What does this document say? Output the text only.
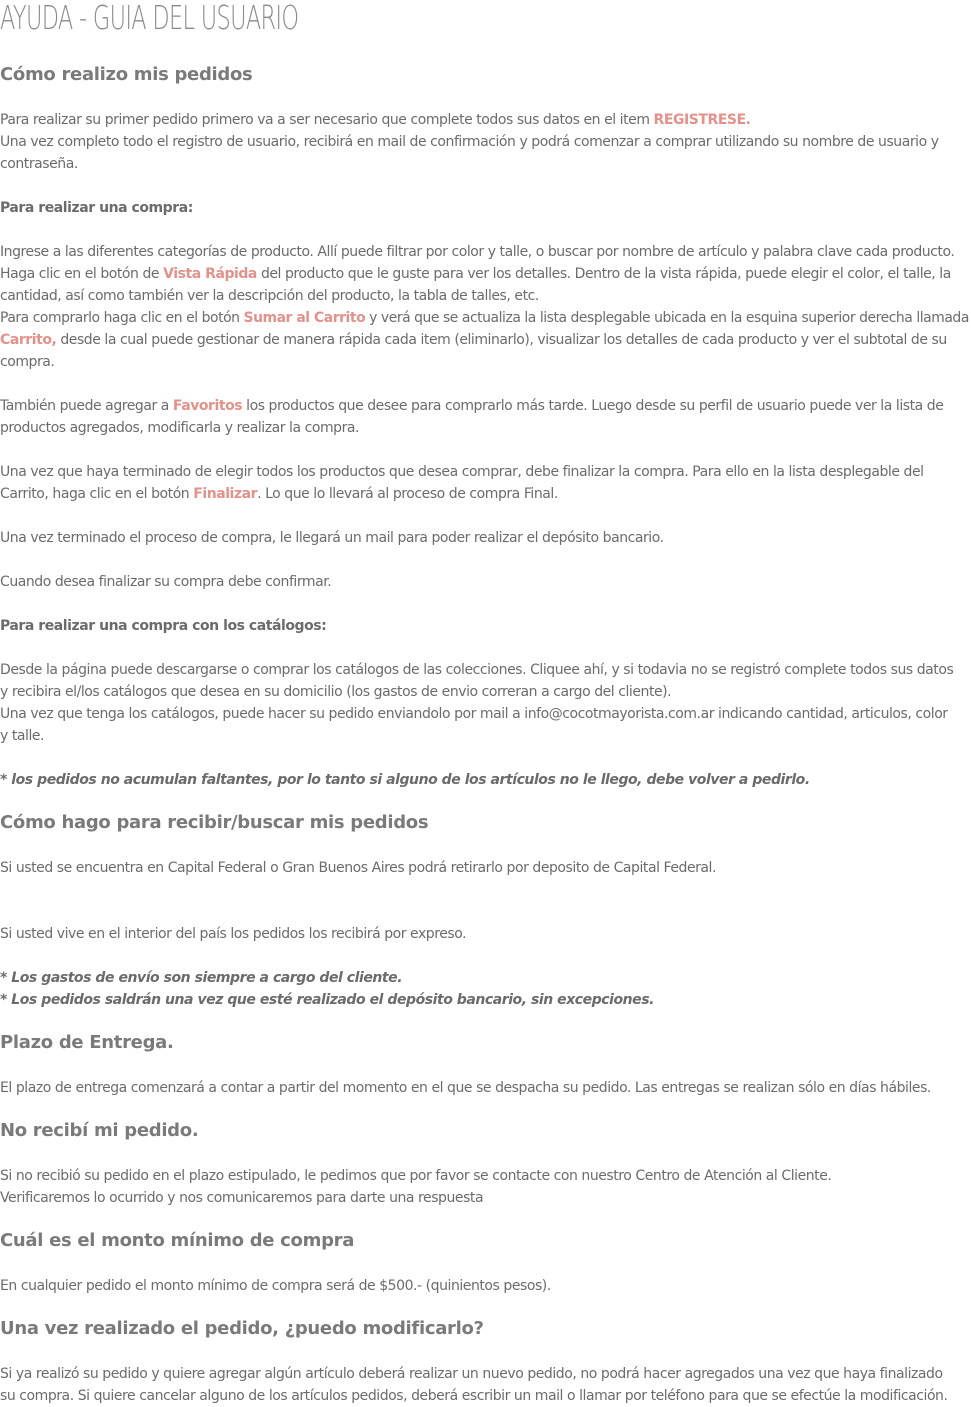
AYUDA - GUIA DEL USUARIO
Cómo realizo mis pedidos

Para realizar su primer pedido primero va a ser necesario que complete todos sus datos en el item REGISTRESE.

Una vez completo todo el registro de usuario, recibirá en mail de confirmación y podrá comenzar a comprar utilizando su nombre de usuario y

contraseña.

Para realizar una compra:

Ingrese a las diferentes categorías de producto. Allí puede filtrar por color y talle, o buscar por nombre de artículo y palabra clave cada producto.

Haga clic en el botón de Vista Rápida del producto que le guste para ver los detalles. Dentro de la vista rápida, puede elegir el color, el talle, la

cantidad, así como también ver la descripción del producto, la tabla de talles, etc.

Para comprarlo haga clic en el botón Sumar al Carrito y verá que se actualiza la lista desplegable ubicada en la esquina superior derecha llamada

Carrito, desde la cual puede gestionar de manera rápida cada item (eliminarlo), visualizar los detalles de cada producto y ver el subtotal de su

compra.

También puede agregar a Favoritos los productos que desee para comprarlo más tarde. Luego desde su perfil de usuario puede ver la lista de

productos agregados, modificarla y realizar la compra.

Una vez que haya terminado de elegir todos los productos que desea comprar, debe finalizar la compra. Para ello en la lista desplegable del

Carrito, haga clic en el botón Finalizar. Lo que lo llevará al proceso de compra Final.

Una vez terminado el proceso de compra, le llegará un mail para poder realizar el depósito bancario.

Cuando desea finalizar su compra debe confirmar.

Para realizar una compra con los catálogos:

Desde la página puede descargarse o comprar los catálogos de las colecciones. Cliquee ahí, y si todavia no se registró complete todos sus datos

y recibira el/los catálogos que desea en su domicilio (los gastos de envio correran a cargo del cliente).

Una vez que tenga los catálogos, puede hacer su pedido enviandolo por mail a info@cocotmayorista.com.ar indicando cantidad, articulos, color

y talle.

* los pedidos no acumulan faltantes, por lo tanto si alguno de los artículos no le llego, debe volver a pedirlo.

Cómo hago para recibir/buscar mis pedidos

Si usted se encuentra en Capital Federal o Gran Buenos Aires podrá retirarlo por deposito de Capital Federal.

Si usted vive en el interior del país los pedidos los recibirá por expreso.

* Los gastos de envío son siempre a cargo del cliente.

* Los pedidos saldrán una vez que esté realizado el depósito bancario, sin excepciones.

Plazo de Entrega.

El plazo de entrega comenzará a contar a partir del momento en el que se despacha su pedido. Las entregas se realizan sólo en días hábiles.

No recibí mi pedido.

Si no recibió su pedido en el plazo estipulado, le pedimos que por favor se contacte con nuestro Centro de Atención al Cliente.

Verificaremos lo ocurrido y nos comunicaremos para darte una respuesta

Cuál es el monto mínimo de compra

En cualquier pedido el monto mínimo de compra será de $500.- (quinientos pesos).

Una vez realizado el pedido, ¿puedo modificarlo?

Si ya realizó su pedido y quiere agregar algún artículo deberá realizar un nuevo pedido, no podrá hacer agregados una vez que haya finalizado

su compra. Si quiere cancelar alguno de los artículos pedidos, deberá escribir un mail o llamar por teléfono para que se efectúe la modificación.
